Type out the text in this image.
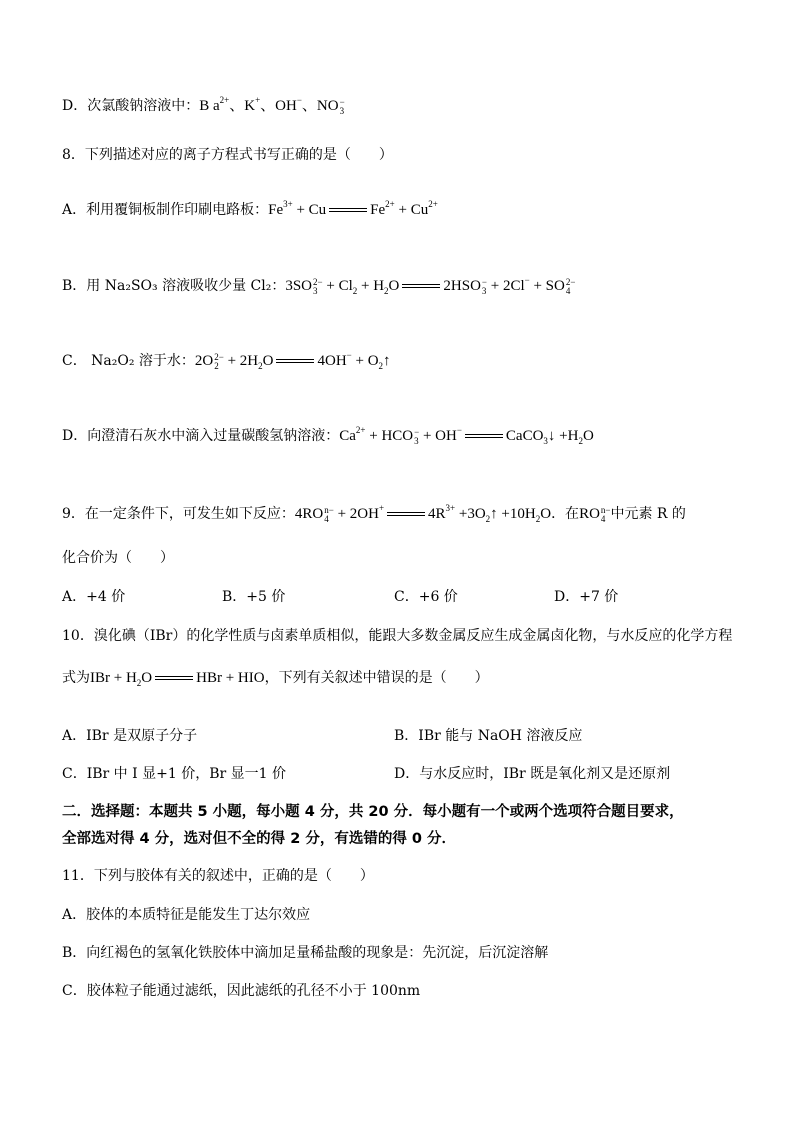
D．次氯酸钠溶液中：B $a^{2+}$、K+、OH−、NO −
3
8．下列描述对应的离子方程式书写正确的是（　　）
A．利用覆铜板制作印刷电路板：$Fe^{3+} + Cu$	$Fe^{2+} + Cu^{2+}$
B．用 Na₂SO₃ 溶液吸收少量 Cl₂：3SO 2−
$3 + Cl_2 + H_2O$	2HSO −
3 + 2Cl− + SO 2−
4
C． Na₂O₂ 溶于水：2O 2−
$2 + 2H_2O$	$4OH^- + O_2↑$
D．向澄清石灰水中滴入过量碳酸氢钠溶液：$Ca^{2+}$ + HCO −
3 + OH−	CaCO$_3$↓ $+H_2O$
9．在一定条件下，可发生如下反应：4RO n−
4 + 2OH+	$4R^{3+}$ $+3O_2↑ +10H_2O$．在RO n−
4 中元素 R 的
化合价为（　　）
A．+4 价	B．+5 价	C．+6 价	D．+7 价
10．溴化碘（IBr）的化学性质与卤素单质相似，能跟大多数金属反应生成金属卤化物，与水反应的化学方程
式为IBr + $H_2O$	HBr + HIO，下列有关叙述中错误的是（　　）
A．IBr 是双原子分子	B．IBr 能与 NaOH 溶液反应
C．IBr 中 I 显+1 价，Br 显一1 价	D．与水反应时，IBr 既是氧化剂又是还原剂
二．选择题：本题共 5 小题，每小题 4 分，共 20 分．每小题有一个或两个选项符合题目要求，
全部选对得 4 分，选对但不全的得 2 分，有选错的得 0 分．
11．下列与胶体有关的叙述中，正确的是（　　）
A．胶体的本质特征是能发生丁达尔效应
B．向红褐色的氢氧化铁胶体中滴加足量稀盐酸的现象是：先沉淀，后沉淀溶解
C．胶体粒子能通过滤纸，因此滤纸的孔径不小于 100nm
